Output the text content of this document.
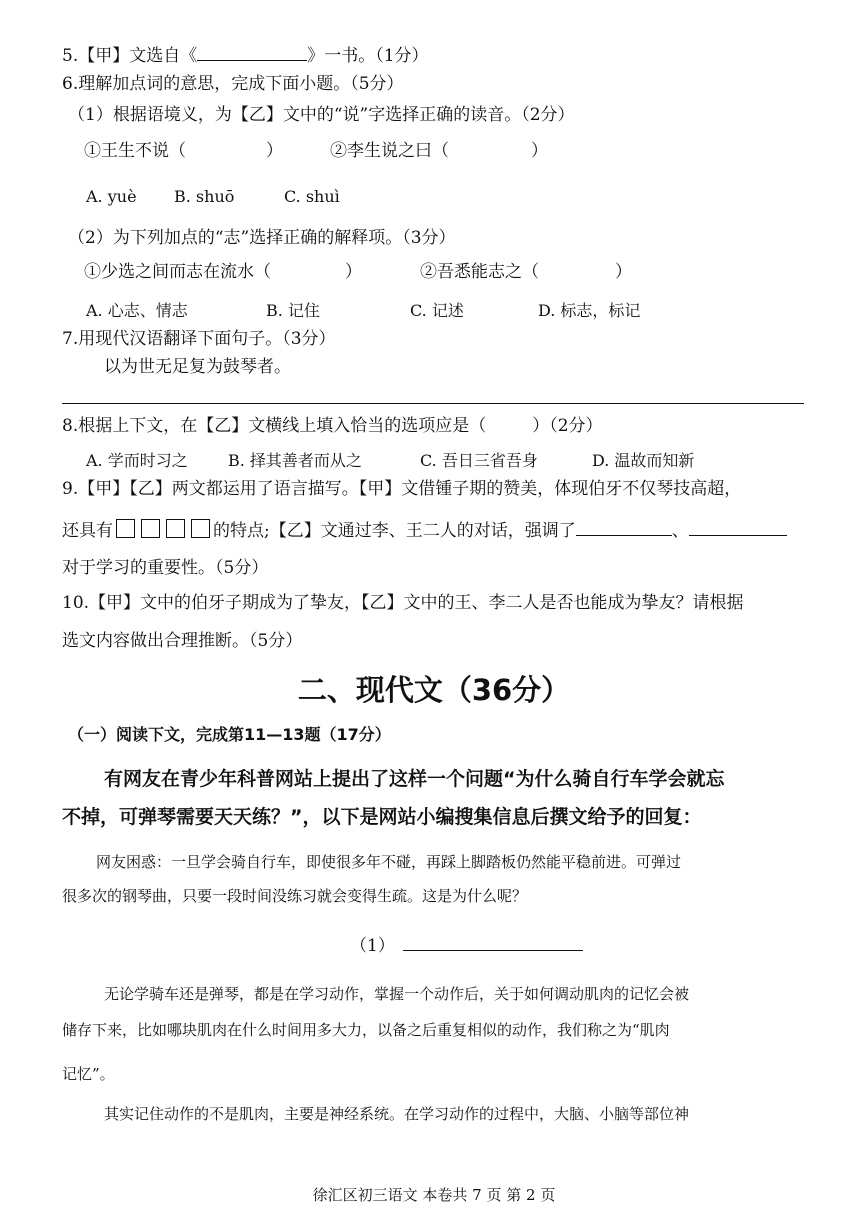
5.【甲】文选自《	》一书。（1分）
6.理解加点词的意思，完成下面小题。（5分）
（1）根据语境义，为【乙】文中的“说”字选择正确的读音。（2分）
①王生不说（	）	②李生说之曰（	）
A. yuè B. shuō	C. shuì
（2）为下列加点的“志”选择正确的解释项。（3分）
①少选之间而志在流水（	）	②吾悉能志之（	）
A. 心志、情志	B. 记住	C. 记述	D. 标志，标记
7.用现代汉语翻译下面句子。（3分）
以为世无足复为鼓琴者。
8.根据上下文，在【乙】文横线上填入恰当的选项应是（	）（2分）
A. 学而时习之	B. 择其善者而从之	C. 吾日三省吾身	D. 温故而知新
9.【甲】【乙】两文都运用了语言描写。【甲】文借锺子期的赞美，体现伯牙不仅琴技高超，
还具有	的特点;【乙】文通过李、王二人的对话，强调了	、
对于学习的重要性。（5分）
10.【甲】文中的伯牙子期成为了挚友，【乙】文中的王、李二人是否也能成为挚友？请根据
选文内容做出合理推断。（5分）
二、现代文（36分）
（一）阅读下文，完成第11—13题（17分）
有网友在青少年科普网站上提出了这样一个问题“为什么骑自行车学会就忘
不掉，可弹琴需要天天练？”，以下是网站小编搜集信息后撰文给予的回复：
网友困惑：一旦学会骑自行车，即使很多年不碰，再踩上脚踏板仍然能平稳前进。可弹过
很多次的钢琴曲，只要一段时间没练习就会变得生疏。这是为什么呢？
（1）
无论学骑车还是弹琴，都是在学习动作，掌握一个动作后，关于如何调动肌肉的记忆会被
储存下来，比如哪块肌肉在什么时间用多大力，以备之后重复相似的动作，我们称之为“肌肉
记忆”。
其实记住动作的不是肌肉，主要是神经系统。在学习动作的过程中，大脑、小脑等部位神
徐汇区初三语文 本卷共 7 页 第 2 页
